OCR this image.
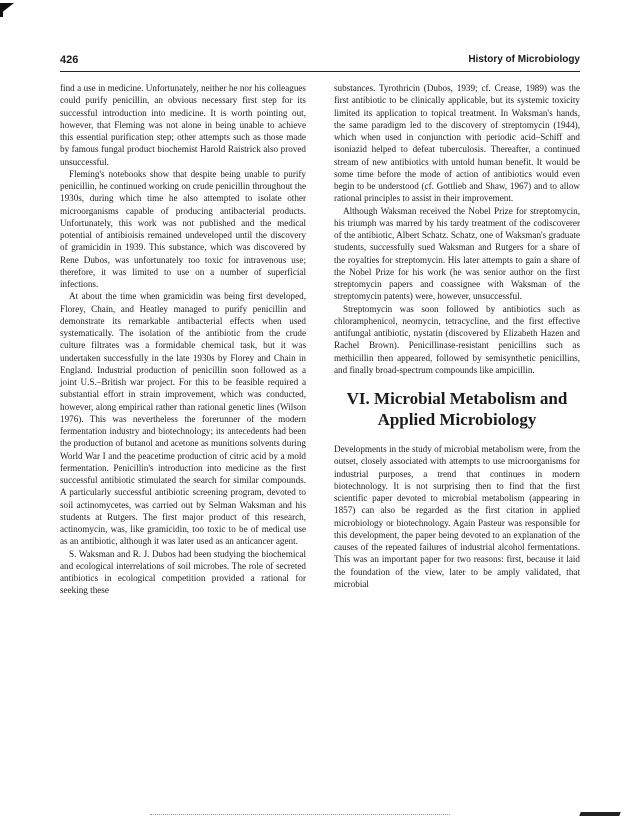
426	History of Microbiology

find a use in medicine. Unfortunately, neither he nor his colleagues could purify penicillin, an obvious necessary first step for its successful introduction into medicine. It is worth pointing out, however, that Fleming was not alone in being unable to achieve this essential purification step; other attempts such as those made by famous fungal product biochemist Harold Raistrick also proved unsuccessful.

Fleming's notebooks show that despite being unable to purify penicillin, he continued working on crude penicillin throughout the 1930s, during which time he also attempted to isolate other microorganisms capable of producing antibacterial products. Unfortunately, this work was not published and the medical potential of antibioisis remained undeveloped until the discovery of gramicidin in 1939. This substance, which was discovered by Rene Dubos, was unfortunately too toxic for intravenous use; therefore, it was limited to use on a number of superficial infections.

At about the time when gramicidin was being first developed, Florey, Chain, and Heatley managed to purify penicillin and demonstrate its remarkable antibacterial effects when used systematically. The isolation of the antibiotic from the crude culture filtrates was a formidable chemical task, but it was undertaken successfully in the late 1930s by Florey and Chain in England. Industrial production of penicillin soon followed as a joint U.S.–British war project. For this to be feasible required a substantial effort in strain improvement, which was conducted, however, along empirical rather than rational genetic lines (Wilson 1976). This was nevertheless the forerunner of the modern fermentation industry and biotechnology; its antecedents had been the production of butanol and acetone as munitions solvents during World War I and the peacetime production of citric acid by a mold fermentation. Penicillin's introduction into medicine as the first successful antibiotic stimulated the search for similar compounds. A particularly successful antibiotic screening program, devoted to soil actinomycetes, was carried out by Selman Waksman and his students at Rutgers. The first major product of this research, actinomycin, was, like gramicidin, too toxic to be of medical use as an antibiotic, although it was later used as an anticancer agent.

S. Waksman and R. J. Dubos had been studying the biochemical and ecological interrelations of soil microbes. The role of secreted antibiotics in ecological competition provided a rational for seeking these

substances. Tyrothricin (Dubos, 1939; cf. Crease, 1989) was the first antibiotic to be clinically applicable, but its systemic toxicity limited its application to topical treatment. In Waksman's hands, the same paradigm led to the discovery of streptomycin (1944), which when used in conjunction with periodic acid–Schiff and isoniazid helped to defeat tuberculosis. Thereafter, a continued stream of new antibiotics with untold human benefit. It would be some time before the mode of action of antibiotics would even begin to be understood (cf. Gottlieb and Shaw, 1967) and to allow rational principles to assist in their improvement.

Although Waksman received the Nobel Prize for streptomycin, his triumph was marred by his tardy treatment of the codiscoverer of the antibiotic, Albert Schatz. Schatz, one of Waksman's graduate students, successfully sued Waksman and Rutgers for a share of the royalties for streptomycin. His later attempts to gain a share of the Nobel Prize for his work (he was senior author on the first streptomycin papers and coassignee with Waksman of the streptomycin patents) were, however, unsuccessful.

Streptomycin was soon followed by antibiotics such as chloramphenicol, neomycin, tetracycline, and the first effective antifungal antibiotic, nystatin (discovered by Elizabeth Hazen and Rachel Brown). Penicillinase-resistant penicillins such as methicillin then appeared, followed by semisynthetic penicillins, and finally broad-spectrum compounds like ampicillin.

VI. Microbial Metabolism and
Applied Microbiology

Developments in the study of microbial metabolism were, from the outset, closely associated with attempts to use microorganisms for industrial purposes, a trend that continues in modern biotechnology. It is not surprising then to find that the first scientific paper devoted to microbial metabolism (appearing in 1857) can also be regarded as the first citation in applied microbiology or biotechnology. Again Pasteur was responsible for this development, the paper being devoted to an explanation of the causes of the repeated failures of industrial alcohol fermentations. This was an important paper for two reasons: first, because it laid the foundation of the view, later to be amply validated, that microbial
